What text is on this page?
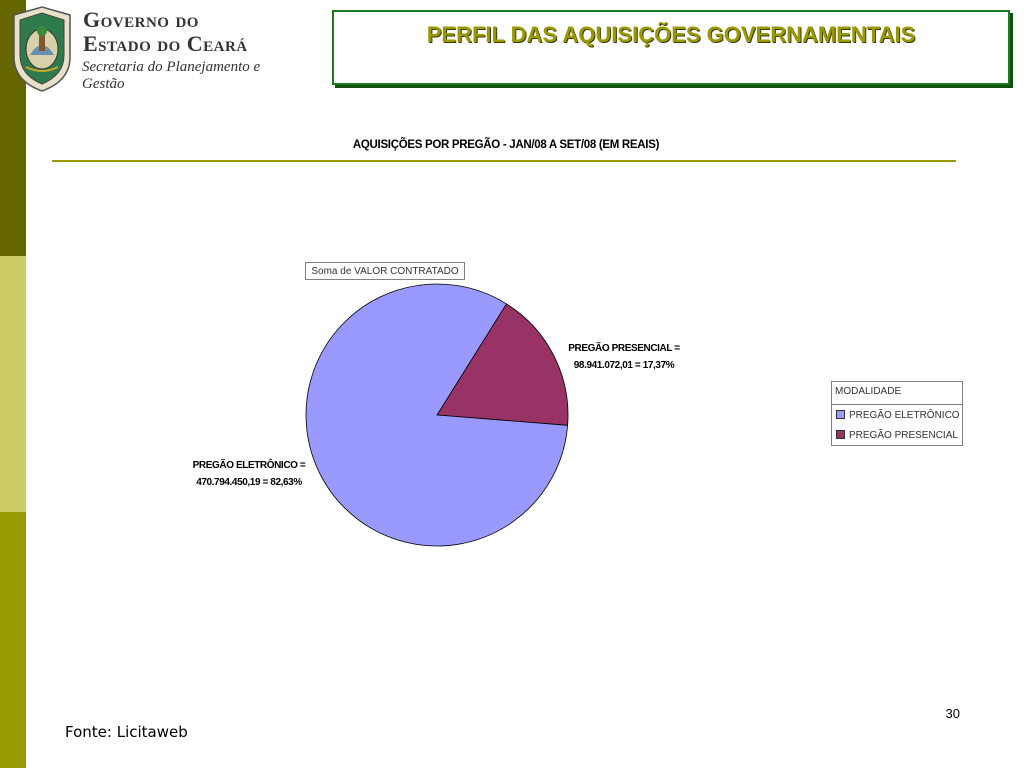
Governo do
Estado do Ceará
Secretaria do Planejamento e
Gestão
PERFIL DAS AQUISIÇÕES GOVERNAMENTAIS
AQUISIÇÕES POR PREGÃO - JAN/08 A SET/08 (EM REAIS)
Soma de VALOR CONTRATADO
PREGÃO PRESENCIAL =
98.941.072,01 = 17,37%
PREGÃO ELETRÔNICO =
470.794.450,19 = 82,63%
MODALIDADE
PREGÃO ELETRÔNICO
PREGÃO PRESENCIAL
30
Fonte: Licitaweb
